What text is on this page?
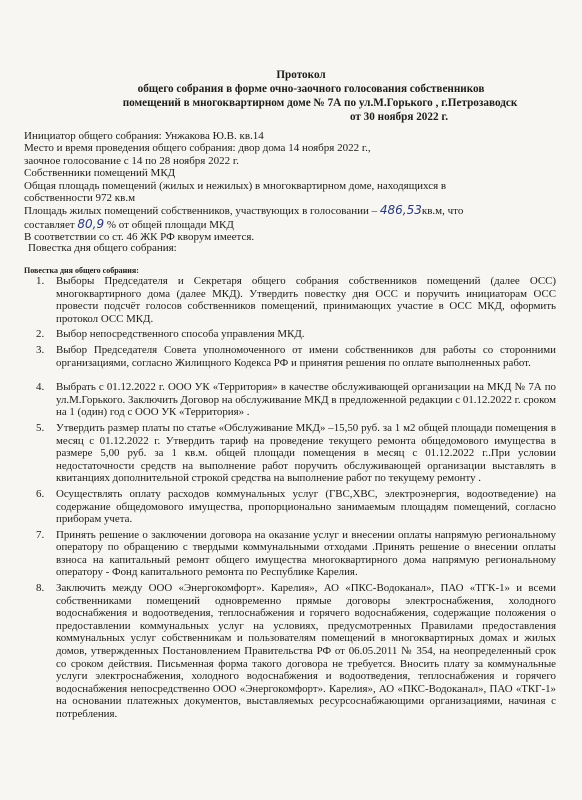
Протокол
общего собрания в форме очно-заочного голосования собственников
помещений в многоквартирном доме № 7А по ул.М.Горького , г.Петрозаводск
от 30 ноября 2022 г.

Инициатор общего собрания: Унжакова Ю.В. кв.14

Место и время проведения общего собрания: двор дома 14 ноября 2022 г.,

заочное голосование с 14 по 28 ноября 2022 г.

Собственники помещений МКД

Общая площадь помещений (жилых и нежилых) в многоквартирном доме, находящихся в

собственности 972 кв.м

Площадь жилых помещений собственников, участвующих в голосовании – 486,53кв.м, что

составляет 80,9 % от общей площади МКД

В соответствии со ст. 46 ЖК РФ кворум имеется.

Повестка дня общего собрания:
Повестка дня общего собрания:
1. Выборы Председателя и Секретаря общего собрания собственников помещений (далее ОСС) многоквартирного дома (далее МКД). Утвердить повестку дня ОСС и поручить инициаторам ОСС провести подсчёт голосов собственников помещений, принимающих участие в ОСС МКД, оформить протокол ОСС МКД.
2. Выбор непосредственного способа управления МКД.
3. Выбор Председателя Совета уполномоченного от имени собственников для работы со сторонними организациями, согласно Жилищного Кодекса РФ и принятия решения по оплате выполненных работ.
4. Выбрать с 01.12.2022 г. ООО УК «Территория» в качестве обслуживающей организации на МКД № 7А по ул.М.Горького. Заключить Договор на обслуживание МКД в предложенной редакции с 01.12.2022 г. сроком на 1 (один) год с ООО УК «Территория» .
5. Утвердить размер платы по статье «Обслуживание МКД» –15,50 руб. за 1 м2 общей площади помещения в месяц с 01.12.2022 г. Утвердить тариф на проведение текущего ремонта общедомового имущества в размере 5,00 руб. за 1 кв.м. общей площади помещения в месяц с 01.12.2022 г..При условии недостаточности средств на выполнение работ поручить обслуживающей организации выставлять в квитанциях дополнительной строкой средства на выполнение работ по текущему ремонту .
6. Осуществлять оплату расходов коммунальных услуг (ГВС,ХВС, электроэнергия, водоотведение) на содержание общедомового имущества, пропорционально занимаемым площадям помещений, согласно приборам учета.
7. Принять решение о заключении договора на оказание услуг и внесении оплаты напрямую региональному оператору по обращению с твердыми коммунальными отходами .Принять решение о внесении оплаты взноса на капитальный ремонт общего имущества многоквартирного дома напрямую региональному оператору - Фонд капитального ремонта по Республике Карелия.
8. Заключить между ООО «Энергокомфорт». Карелия», АО «ПКС-Водоканал», ПАО «ТГК-1» и всеми собственниками помещений одновременно прямые договоры электроснабжения, холодного водоснабжения и водоотведения, теплоснабжения и горячего водоснабжения, содержащие положения о предоставлении коммунальных услуг на условиях, предусмотренных Правилами предоставления коммунальных услуг собственникам и пользователям помещений в многоквартирных домах и жилых домов, утвержденных Постановлением Правительства РФ от 06.05.2011 № 354, на неопределенный срок со сроком действия. Письменная форма такого договора не требуется. Вносить плату за коммунальные услуги электроснабжения, холодного водоснабжения и водоотведения, теплоснабжения и горячего водоснабжения непосредственно ООО «Энергокомфорт». Карелия», АО «ПКС-Водоканал», ПАО «ТКГ-1» на основании платежных документов, выставляемых ресурсоснабжающими организациями, начиная с потребления.
